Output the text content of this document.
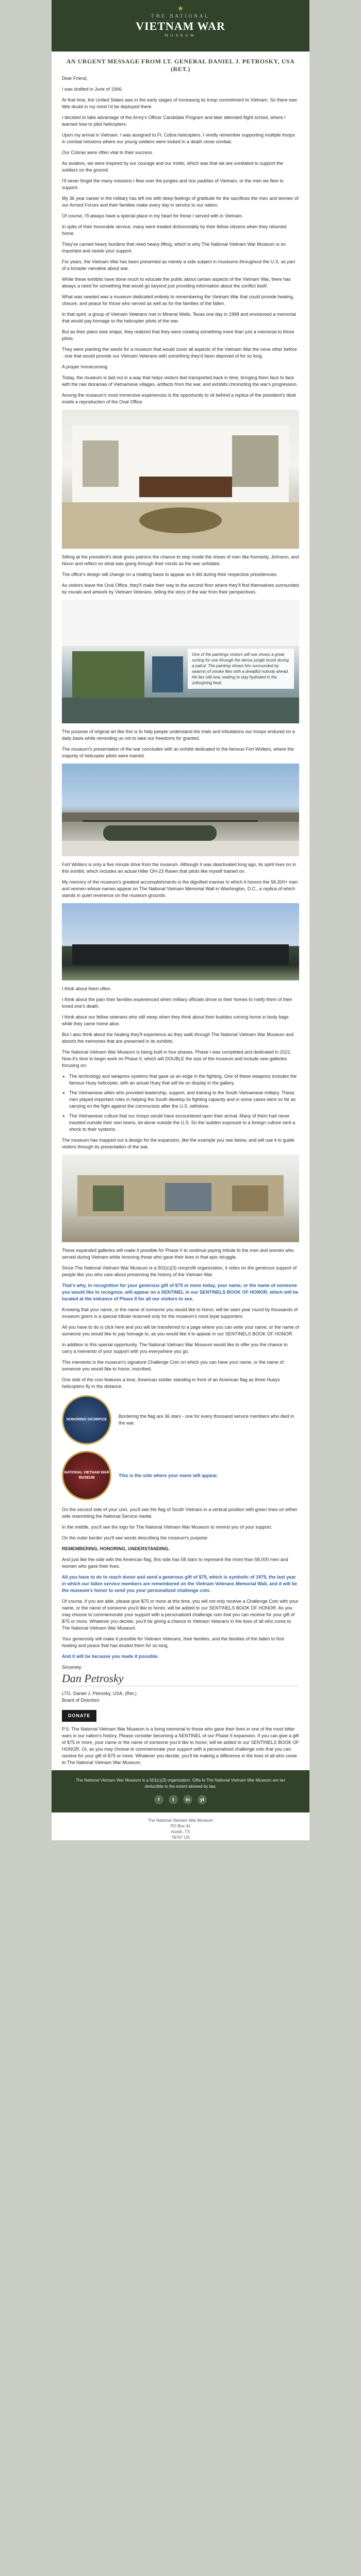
★
THE NATIONAL
VIETNAM WAR
MUSEUM
AN URGENT MESSAGE FROM LT. GENERAL DANIEL J. PETROSKY, USA (RET.)

Dear Friend,

I was drafted in June of 1966.

At that time, the United States was in the early stages of increasing its troop commitment to Vietnam. So there was little doubt in my mind I'd be deployed there.

I decided to take advantage of the Army's Officer Candidate Program and later attended flight school, where I learned how to pilot helicopters.

Upon my arrival in Vietnam, I was assigned to Ft. Cobra helicopters. I vividly remember supporting multiple troops in combat missions where our young soldiers were locked in a death close combat.

Our Cobras were often vital to their success.

As aviators, we were inspired by our courage and our motto, which was that we are unrelated to support the soldiers on the ground.

I'll never forget the many missions I flew over the jungles and rice paddies of Vietnam, or the men we flew to support.

My 36 year career in the military has left me with deep feelings of gratitude for the sacrifices the men and women of our Armed Forces and their families make every day in service to our nation.

Of course, I'll always have a special place in my heart for those I served with in Vietnam.

In spite of their honorable service, many were treated dishonorably by their fellow citizens when they returned home.

They've carried heavy burdens that need heavy lifting, which is why The National Vietnam War Museum is so important and needs your support.

For years, the Vietnam War has been presented as merely a side subject in museums throughout the U.S. as part of a broader narrative about war.

While these exhibits have done much to educate the public about certain aspects of the Vietnam War, there has always a need for something that would go beyond just providing information about the conflict itself.

What was needed was a museum dedicated entirely to remembering the Vietnam War that could provide healing, closure, and peace for those who served as well as for the families of the fallen.

In that spirit, a group of Vietnam Veterans met in Mineral Wells, Texas one day in 1998 and envisioned a memorial that would pay homage to the helicopter pilots of the war.

But as their plans took shape, they realized that they were creating something more than just a memorial to those pilots.

They were planting the seeds for a museum that would cover all aspects of the Vietnam War the none other before - one that would provide our Vietnam Veterans with something they'd been deprived of for so long.

A proper homecoming.

Today, the museum is laid out in a way that helps visitors feel transported back in time, bringing them face to face with the raw dioramas of Vietnamese villages, artifacts from the war, and exhibits chronicling the war's progression.

Among the museum's most immersive experiences is the opportunity to sit behind a replica of the president's desk inside a reproduction of the Oval Office.

Sitting at the president's desk gives patrons the chance to step inside the shoes of men like Kennedy, Johnson, and Nixon and reflect on what was going through their minds as the war unfolded.

The office's design will change on a rotating basis to appear as it did during their respective presidencies.

As visitors leave the Oval Office, they'll make their way to the second floor where they'll find themselves surrounded by murals and artwork by Vietnam Veterans, telling the story of the war from their perspectives.

One of the paintings visitors will see shows a great sorting for one through the dense jungle brush during a patrol. The painting shows him surrounded by swarms of smoke flies with a dreadful nobody ahead. He lies still now, waiting to stay hydrated in the unforgiving heat.

The purpose of original art like this is to help people understand the trials and tribulations our troops endured on a daily basis while reminding us not to take our freedoms for granted.

The museum's presentation of the war concludes with an exhibit dedicated to the famous Fort Wolters, where the majority of helicopter pilots were trained.

Fort Wolters is only a five minute drive from the museum. Although it was deactivated long ago, its spirit lives on in this exhibit, which includes an actual Hiller OH-23 Raven that pilots like myself trained on.

My memory of the museum's greatest accomplishments is the dignified manner in which it honors the 58,300+ men and women whose names appear on The National Vietnam Memorial Wall in Washington, D.C., a replica of which stands in quiet reverence on the museum grounds.

I think about them often.

I think about the pain their families experienced when military officials drove to their homes to notify them of their loved one's death.

I think about our fellow veterans who still weep when they think about their buddies coming home in body bags while they came home alive.

But I also think about the healing they'll experience as they walk through The National Vietnam War Museum and absorb the memories that are preserved in its exhibits.

The National Vietnam War Museum is being built in four phases. Phase I was completed and dedicated in 2021. Now it's time to begin work on Phase II, which will DOUBLE the size of the museum and include new galleries focusing on:

• The technology and weapons systems that gave us an edge in the fighting. One of these weapons includes the famous Huey helicopter, with an actual Huey that will be on display in the gallery.
• The Vietnamese allies who provided leadership, support, and training to the South Vietnamese military. These men played important roles in helping the South develop its fighting capacity and in some cases went so far as carrying on the fight against the communists after the U.S. withdrew.
• The Vietnamese culture that our troops would have encountered upon their arrival. Many of them had never traveled outside their own towns, let alone outside the U.S. So the sudden exposure to a foreign culture sent a shock to their systems.

The museum has mapped out a design for the expansion, like the example you see below, and will use it to guide visitors through its presentation of the war.

These expanded galleries will make it possible for Phase II to continue paying tribute to the men and women who served during Vietnam while honoring those who gave their lives in that epic struggle.

Since The National Vietnam War Museum is a 501(c)(3) nonprofit organization, it relies on the generous support of people like you who care about preserving the history of the Vietnam War.

That's why, in recognition for your generous gift of $75 or more today, your name, or the name of someone you would like to recognize, will appear on a SENTINEL in our SENTINELS BOOK OF HONOR, which will be located at the entrance of Phase II for all our visitors to see.

Knowing that your name, or the name of someone you would like to honor, will be seen year round by thousands of museum goers is a special tribute reserved only for the museum's most loyal supporters.

All you have to do is click here and you will be transferred to a page where you can write your name, or the name of someone you would like to pay homage to, as you would like it to appear in our SENTINELS BOOK OF HONOR.

In addition to this special opportunity, The National Vietnam War Museum would like to offer you the chance to carry a memento of your support with you everywhere you go.

This memento is the museum's signature Challenge Coin on which you can have your name, or the name of someone you would like to honor, inscribed.

One side of the coin features a lone, American soldier standing in front of an American flag as three Hueys helicopters fly in the distance.

HONORING SACRIFICE
Bordering the flag are 36 stars - one for every thousand service members who died in the war.
NATIONAL VIETNAM WAR MUSEUM	This is the side where your name will appear.

On the second side of your coin, you'll see the flag of South Vietnam in a vertical position with green lines on either side resembling the National Service medal.

In the middle, you'll see the logo for The National Vietnam War Museum to remind you of your support.

On the outer border you'll see words describing the museum's purpose:

REMEMBERING, HONORING, UNDERSTANDING.

And just like the side with the American flag, this side has 58 stars to represent the more than 58,000 men and women who gave their lives.

All you have to do to reach donor and send a generous gift of $75, which is symbolic of 1975, the last year in which our fallen service members are remembered on the Vietnam Veterans Memorial Wall, and it will be the museum's honor to send you your personalized challenge coin.

Of course, if you are able, please give $75 or more at this time, you will not only receive a Challenge Coin with your name, or the name of someone you'd like to honor, will be added to our SENTINELS BOOK OF HONOR. As you may choose to commemorate your support with a personalized challenge coin that you can receive for your gift of $75 or more. Whatever you decide, you'll be giving a chance to Vietnam Veterans in the lives of all who come to The National Vietnam War Museum.

Your generosity will make it possible for Vietnam Veterans, their families, and the families of the fallen to find healing and peace that has eluded them for so long.

And it will be because you made it possible.

Sincerely,

Dan Petrosky

LTG. Daniel J. Petrosky, USA, (Ret.)

Board of Directors

DONATE

P.S. The National Vietnam War Museum is a living memorial to those who gave their lives in one of the most bitter wars in our nation's history. Please consider becoming a SENTINEL of our Phase II expansion. If you can give a gift of $75 or more, your name or the name of someone you'd like to honor, will be added to our SENTINELS BOOK OF HONOR. Or, as you may choose to commemorate your support with a personalized challenge coin that you can receive for your gift of $75 or more. Whatever you decide, you'll be making a difference in the lives of all who come to The National Vietnam War Museum.

The National Vietnam War Museum is a 501(c)(3) organization. Gifts to The National Vietnam War Museum are tax deductible to the extent allowed by law.
f	t	in	yt
The National Vietnam War Museum
PO Box 41
Austin, TX
78767 US
